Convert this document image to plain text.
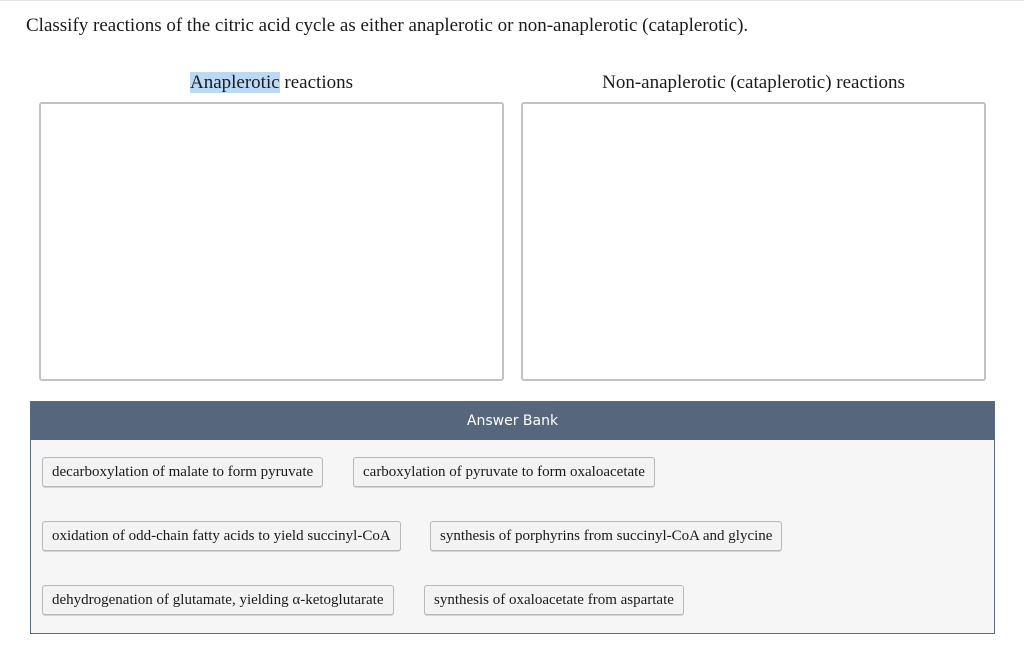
Classify reactions of the citric acid cycle as either anaplerotic or non-anaplerotic (cataplerotic).
Anaplerotic reactions	Non-anaplerotic (cataplerotic) reactions
Answer Bank
decarboxylation of malate to form pyruvate	carboxylation of pyruvate to form oxaloacetate
oxidation of odd-chain fatty acids to yield succinyl-CoA	synthesis of porphyrins from succinyl-CoA and glycine
dehydrogenation of glutamate, yielding α-ketoglutarate	synthesis of oxaloacetate from aspartate
